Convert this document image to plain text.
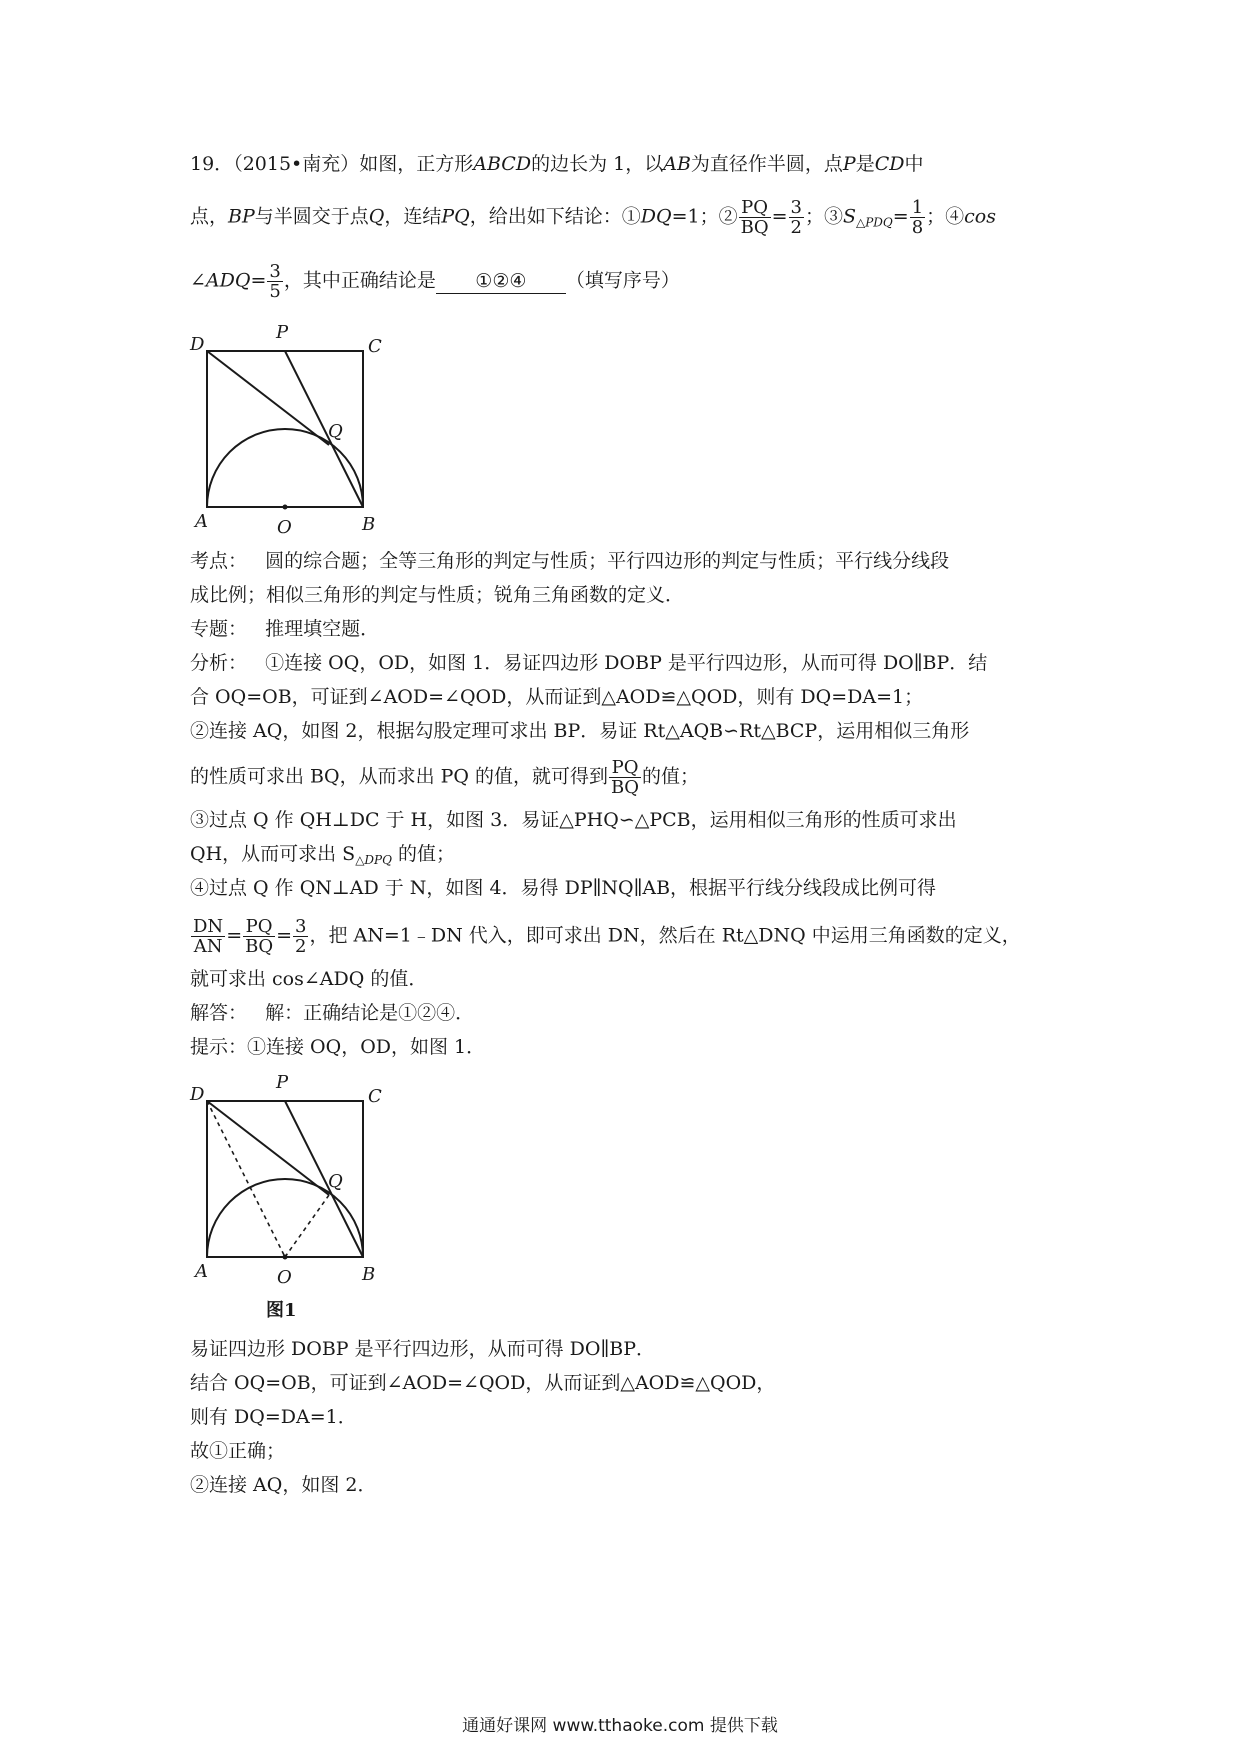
19．（2015•南充）如图，正方形ABCD的边长为 1，以AB为直径作半圆，点P是CD中
点，BP与半圆交于点Q，连结PQ，给出如下结论：①DQ=1；② $\frac{PQ}{BQ} = \frac{3}{2}$ ；$③S_{\triangle PDQ}= \frac{1}{8}$ ；④cos
∠ADQ= $\frac{3}{5}$ ，其中正确结论是 ①②④ （填写序号）
D
P
C
Q
A	O	B
考点： 圆的综合题；全等三角形的判定与性质；平行四边形的判定与性质；平行线分线段
成比例；相似三角形的判定与性质；锐角三角函数的定义．
专题： 推理填空题．
分析： ①连接 OQ，OD，如图 1．易证四边形 DOBP 是平行四边形，从而可得 DO∥BP．结
合 OQ=OB，可证到∠AOD=∠QOD，从而证到△AOD≌△QOD，则有 DQ=DA=1；
②连接 AQ，如图 2，根据勾股定理可求出 BP．易证 Rt△AQB∽Rt△BCP，运用相似三角形
的性质可求出 BQ，从而求出 PQ 的值，就可得到 $\frac{PQ}{BQ}$ 的值；
③过点 Q 作 QH⊥DC 于 H，如图 3．易证△PHQ∽△PCB，运用相似三角形的性质可求出
QH，从而可求出 $S_{\triangle DPQ}$ 的值；
④过点 Q 作 QN⊥AD 于 N，如图 4．易得 DP∥NQ∥AB，根据平行线分线段成比例可得
$\frac{DN}{AN} = \frac{PQ}{BQ} = \frac{3}{2}$ ，把 AN=1﹣DN 代入，即可求出 DN，然后在 Rt△DNQ 中运用三角函数的定义，
就可求出 cos∠ADQ 的值．
解答： 解：正确结论是①②④．
提示：①连接 OQ，OD，如图 1．
D
P
C
Q
A	O	B
图1
易证四边形 DOBP 是平行四边形，从而可得 DO∥BP．
结合 OQ=OB，可证到∠AOD=∠QOD，从而证到△AOD≌△QOD，
则有 DQ=DA=1．
故①正确；
②连接 AQ，如图 2．
通通好课网 www.tthaoke.com 提供下载
